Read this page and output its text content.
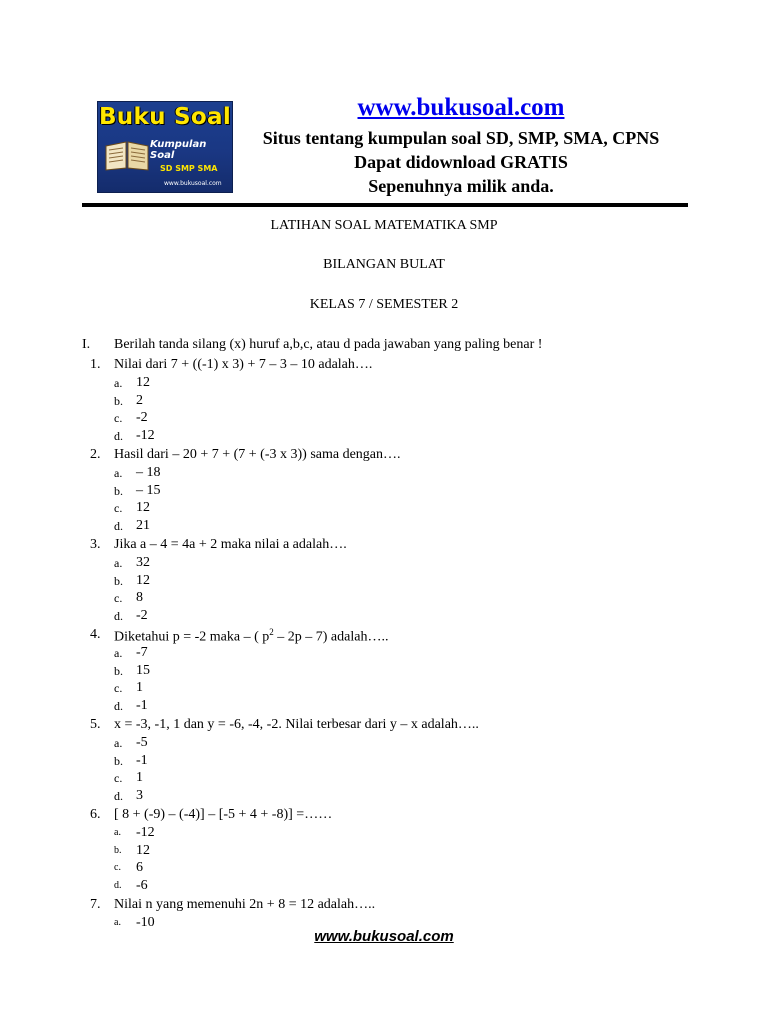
Buku Soal
Kumpulan Soal
SD SMP SMA
www.bukusoal.com
www.bukusoal.com
Situs tentang kumpulan soal SD, SMP, SMA, CPNS
Dapat didownload GRATIS
Sepenuhnya milik anda.
LATIHAN SOAL MATEMATIKA SMP
BILANGAN BULAT
KELAS 7 / SEMESTER 2
I. Berilah tanda silang (x) huruf a,b,c, atau d pada jawaban yang paling benar !
1. Nilai dari 7 + ((-1) x 3) + 7 – 3 – 10 adalah….
a. 12
b. 2
c. -2
d. -12
2. Hasil dari – 20 + 7 + (7 + (-3 x 3)) sama dengan….
a. – 18
b. – 15
c. 12
d. 21
3. Jika a – 4 = 4a + 2 maka nilai a adalah….
a. 32
b. 12
c. 8
d. -2
4. Diketahui p = -2 maka – ( $p^2 - 2p - 7$) adalah…..
a. -7
b. 15
c. 1
d. -1
5. x = -3, -1, 1 dan y = -6, -4, -2. Nilai terbesar dari y – x adalah…..
a. -5
b. -1
c. 1
d. 3
6. [ 8 + (-9) – (-4)] – [-5 + 4 + -8)] =……
a. -12
b. 12
c. 6
d. -6
7. Nilai n yang memenuhi 2n + 8 = 12 adalah…..
a. -10
www.bukusoal.com
